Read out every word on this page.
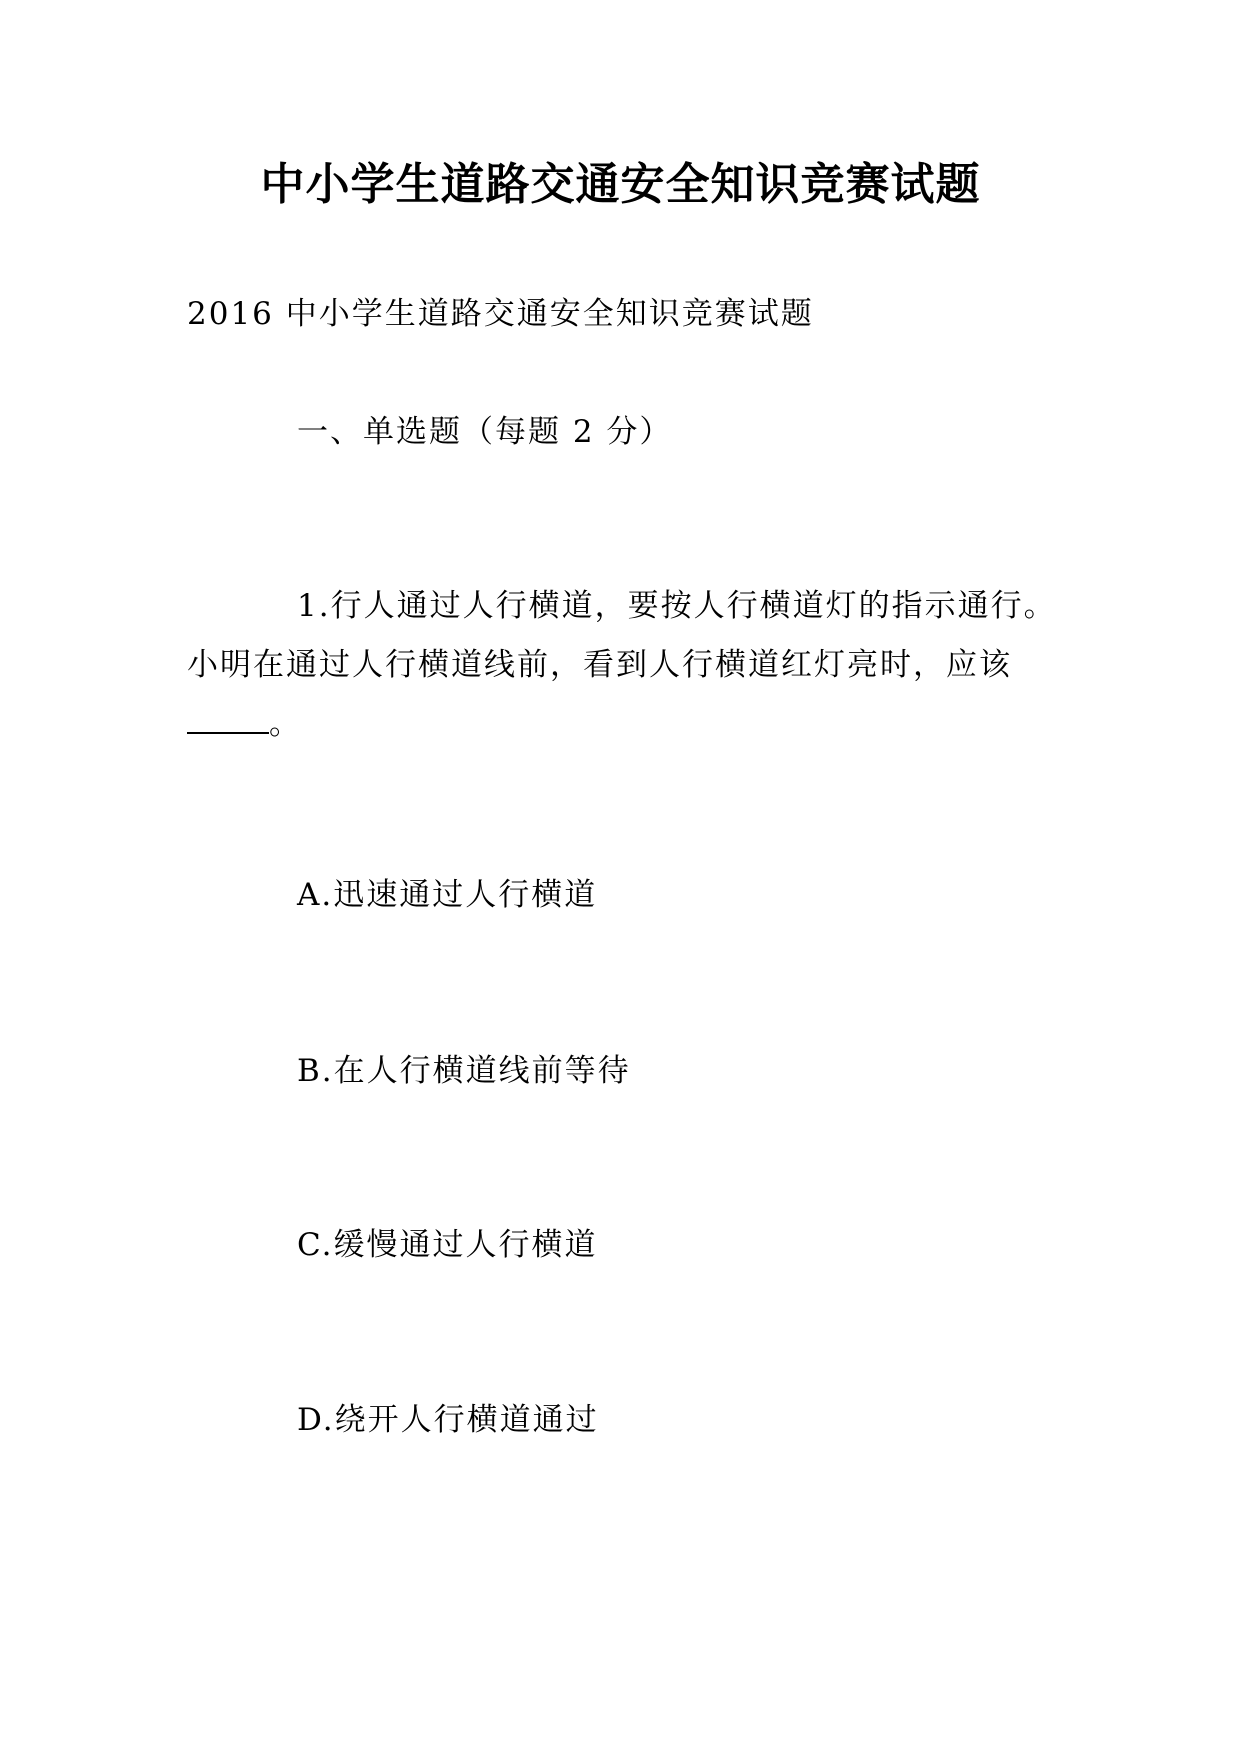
中小学生道路交通安全知识竞赛试题
2016 中小学生道路交通安全知识竞赛试题
一、单选题（每题 2 分）
1.行人通过人行横道，要按人行横道灯的指示通行。
小明在通过人行横道线前，看到人行横道红灯亮时，应该
。
A.迅速通过人行横道
B.在人行横道线前等待
C.缓慢通过人行横道
D.绕开人行横道通过
